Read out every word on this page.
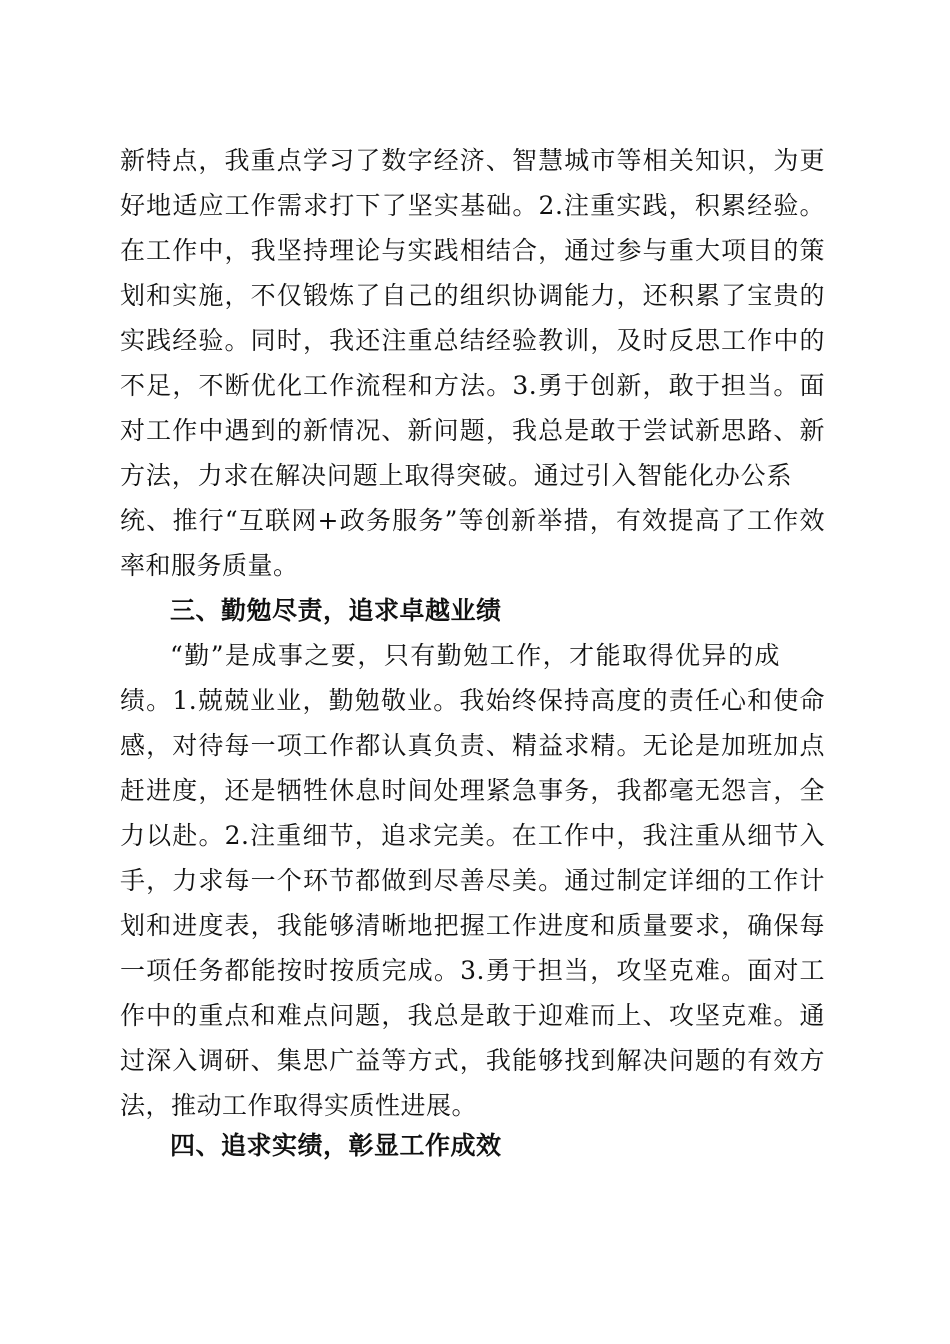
新特点，我重点学习了数字经济、智慧城市等相关知识，为更
好地适应工作需求打下了坚实基础。2.注重实践，积累经验。
在工作中，我坚持理论与实践相结合，通过参与重大项目的策
划和实施，不仅锻炼了自己的组织协调能力，还积累了宝贵的
实践经验。同时，我还注重总结经验教训，及时反思工作中的
不足，不断优化工作流程和方法。3.勇于创新，敢于担当。面
对工作中遇到的新情况、新问题，我总是敢于尝试新思路、新
方法，力求在解决问题上取得突破。通过引入智能化办公系
统、推行“互联网+政务服务”等创新举措，有效提高了工作效
率和服务质量。
三、勤勉尽责，追求卓越业绩
“勤”是成事之要，只有勤勉工作，才能取得优异的成
绩。1.兢兢业业，勤勉敬业。我始终保持高度的责任心和使命
感，对待每一项工作都认真负责、精益求精。无论是加班加点
赶进度，还是牺牲休息时间处理紧急事务，我都毫无怨言，全
力以赴。2.注重细节，追求完美。在工作中，我注重从细节入
手，力求每一个环节都做到尽善尽美。通过制定详细的工作计
划和进度表，我能够清晰地把握工作进度和质量要求，确保每
一项任务都能按时按质完成。3.勇于担当，攻坚克难。面对工
作中的重点和难点问题，我总是敢于迎难而上、攻坚克难。通
过深入调研、集思广益等方式，我能够找到解决问题的有效方
法，推动工作取得实质性进展。
四、追求实绩，彰显工作成效
